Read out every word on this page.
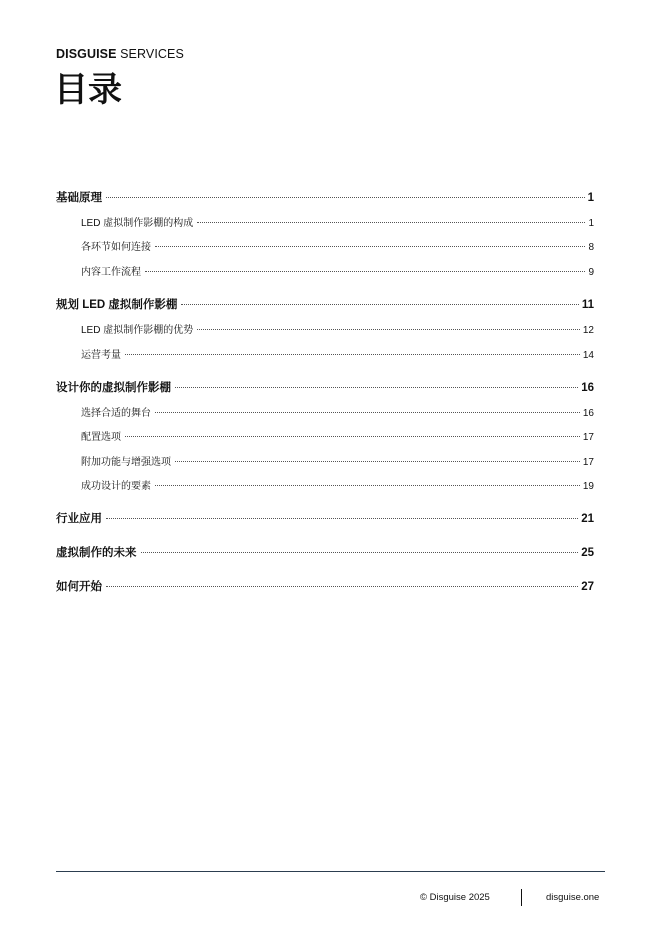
DISGUISE SERVICES
目录
基础原理	1
LED 虚拟制作影棚的构成	1
各环节如何连接	8
内容工作流程	9
规划 LED 虚拟制作影棚	11
LED 虚拟制作影棚的优势	12
运营考量	14
设计你的虚拟制作影棚	16
选择合适的舞台	16
配置选项	17
附加功能与增强选项	17
成功设计的要素	19
行业应用	21
虚拟制作的未来	25
如何开始	27
© Disguise 2025	disguise.one
